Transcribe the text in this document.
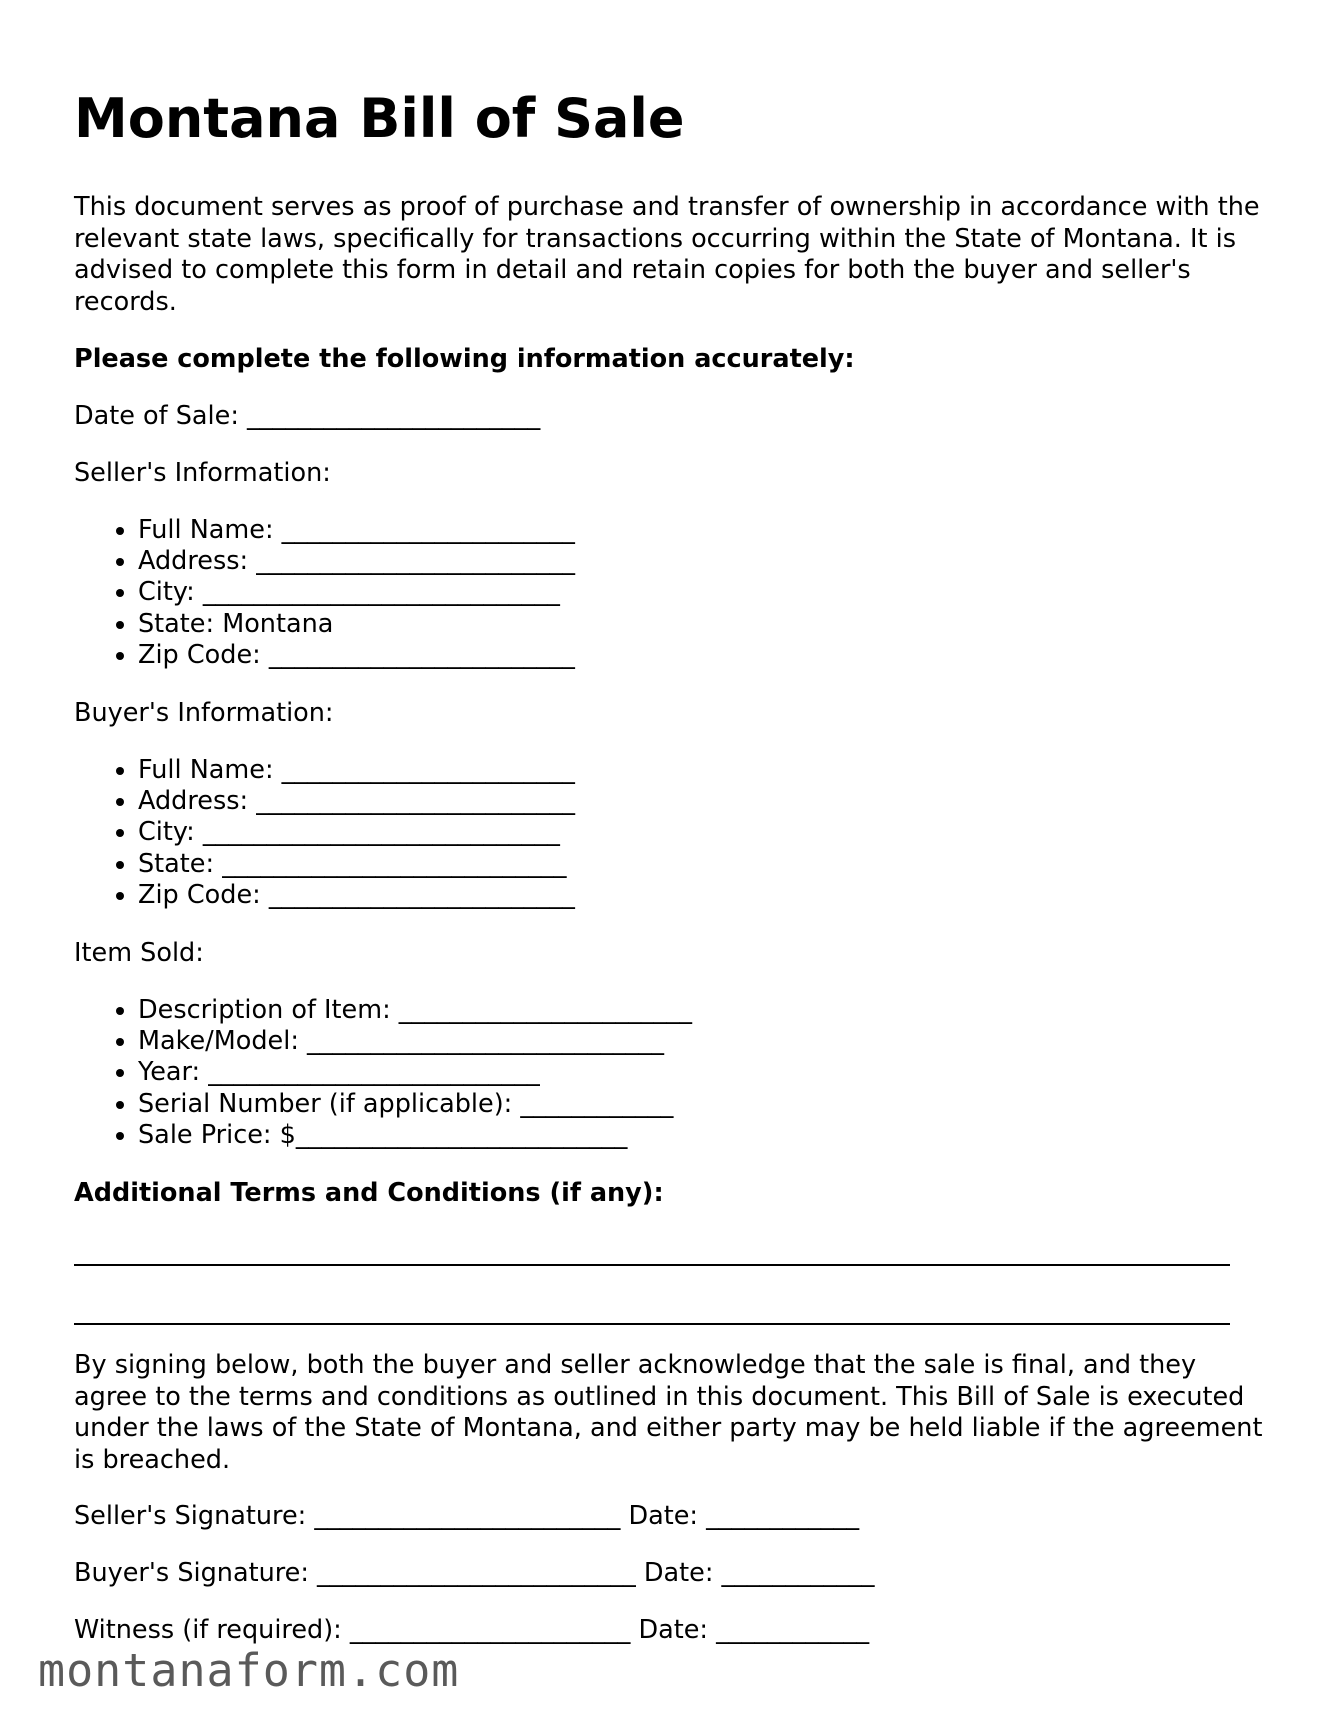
Montana Bill of Sale

This document serves as proof of purchase and transfer of ownership in accordance with the relevant state laws, specifically for transactions occurring within the State of Montana. It is advised to complete this form in detail and retain copies for both the buyer and seller's records.

Please complete the following information accurately:

Date of Sale: _______________________

Seller's Information:

• Full Name: _______________________
• Address: _________________________
• City: ____________________________
• State: Montana
• Zip Code: ________________________

Buyer's Information:

• Full Name: _______________________
• Address: _________________________
• City: ____________________________
• State: ___________________________
• Zip Code: ________________________

Item Sold:

• Description of Item: _______________________
• Make/Model: ____________________________
• Year: __________________________
• Serial Number (if applicable): ____________
• Sale Price: $__________________________

Additional Terms and Conditions (if any):

By signing below, both the buyer and seller acknowledge that the sale is final, and they agree to the terms and conditions as outlined in this document. This Bill of Sale is executed under the laws of the State of Montana, and either party may be held liable if the agreement is breached.

Seller's Signature: ________________________ Date: ____________

Buyer's Signature: _________________________ Date: ____________

Witness (if required): ______________________ Date: ____________

montanaform.com
